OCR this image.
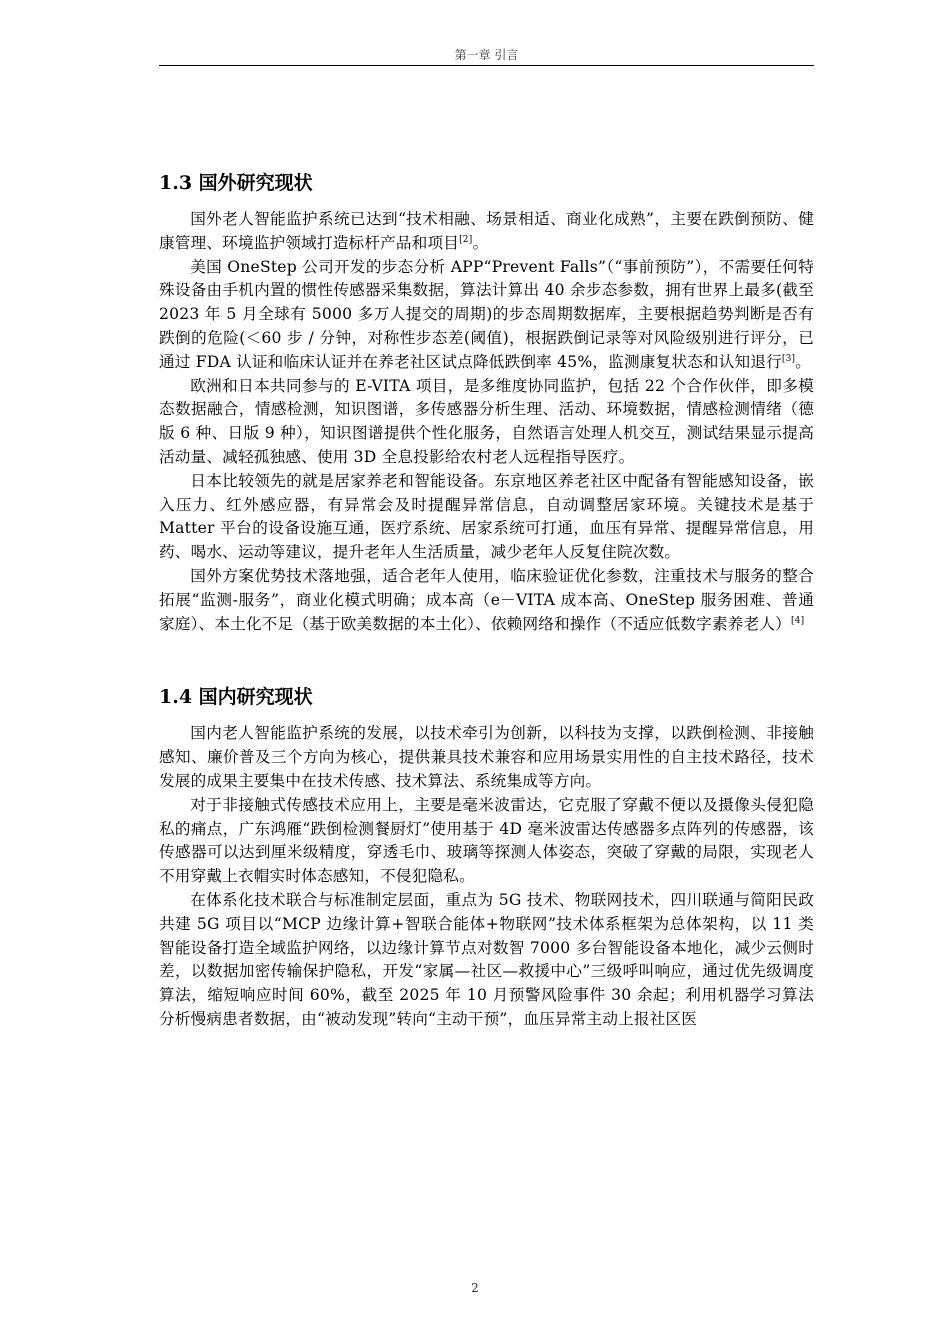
第一章 引言
1.3 国外研究现状

国外老人智能监护系统已达到“技术相融、场景相适、商业化成熟”，主要在跌倒预防、健康管理、环境监护领域打造标杆产品和项目[2]。

美国 OneStep 公司开发的步态分析 APP“Prevent Falls”（“事前预防”），不需要任何特殊设备由手机内置的惯性传感器采集数据，算法计算出 40 余步态参数，拥有世界上最多(截至 2023 年 5 月全球有 5000 多万人提交的周期)的步态周期数据库，主要根据趋势判断是否有跌倒的危险(＜60 步 / 分钟，对称性步态差(阈值)，根据跌倒记录等对风险级别进行评分，已通过 FDA 认证和临床认证并在养老社区试点降低跌倒率 45%，监测康复状态和认知退行[3]。

欧洲和日本共同参与的 E-VITA 项目，是多维度协同监护，包括 22 个合作伙伴，即多模态数据融合，情感检测，知识图谱，多传感器分析生理、活动、环境数据，情感检测情绪（德版 6 种、日版 9 种），知识图谱提供个性化服务，自然语言处理人机交互，测试结果显示提高活动量、减轻孤独感、使用 3D 全息投影给农村老人远程指导医疗。

日本比较领先的就是居家养老和智能设备。东京地区养老社区中配备有智能感知设备，嵌入压力、红外感应器，有异常会及时提醒异常信息，自动调整居家环境。关键技术是基于 Matter 平台的设备设施互通，医疗系统、居家系统可打通，血压有异常、提醒异常信息，用药、喝水、运动等建议，提升老年人生活质量，减少老年人反复住院次数。

国外方案优势技术落地强，适合老年人使用，临床验证优化参数，注重技术与服务的整合拓展“监测-服务”，商业化模式明确；成本高（e－VITA 成本高、OneStep 服务困难、普通家庭）、本土化不足（基于欧美数据的本土化）、依赖网络和操作（不适应低数字素养老人）[4]

1.4 国内研究现状

国内老人智能监护系统的发展，以技术牵引为创新，以科技为支撑，以跌倒检测、非接触感知、廉价普及三个方向为核心，提供兼具技术兼容和应用场景实用性的自主技术路径，技术发展的成果主要集中在技术传感、技术算法、系统集成等方向。

对于非接触式传感技术应用上，主要是毫米波雷达，它克服了穿戴不便以及摄像头侵犯隐私的痛点，广东鸿雁“跌倒检测餐厨灯”使用基于 4D 毫米波雷达传感器多点阵列的传感器，该传感器可以达到厘米级精度，穿透毛巾、玻璃等探测人体姿态，突破了穿戴的局限，实现老人不用穿戴上衣帽实时体态感知，不侵犯隐私。

在体系化技术联合与标准制定层面，重点为 5G 技术、物联网技术，四川联通与简阳民政共建 5G 项目以“MCP 边缘计算+智联合能体+物联网”技术体系框架为总体架构，以 11 类智能设备打造全域监护网络，以边缘计算节点对数智 7000 多台智能设备本地化，减少云侧时差，以数据加密传输保护隐私，开发“家属—社区—救援中心”三级呼叫响应，通过优先级调度算法，缩短响应时间 60%，截至 2025 年 10 月预警风险事件 30 余起；利用机器学习算法分析慢病患者数据，由“被动发现”转向“主动干预”，血压异常主动上报社区医

2
